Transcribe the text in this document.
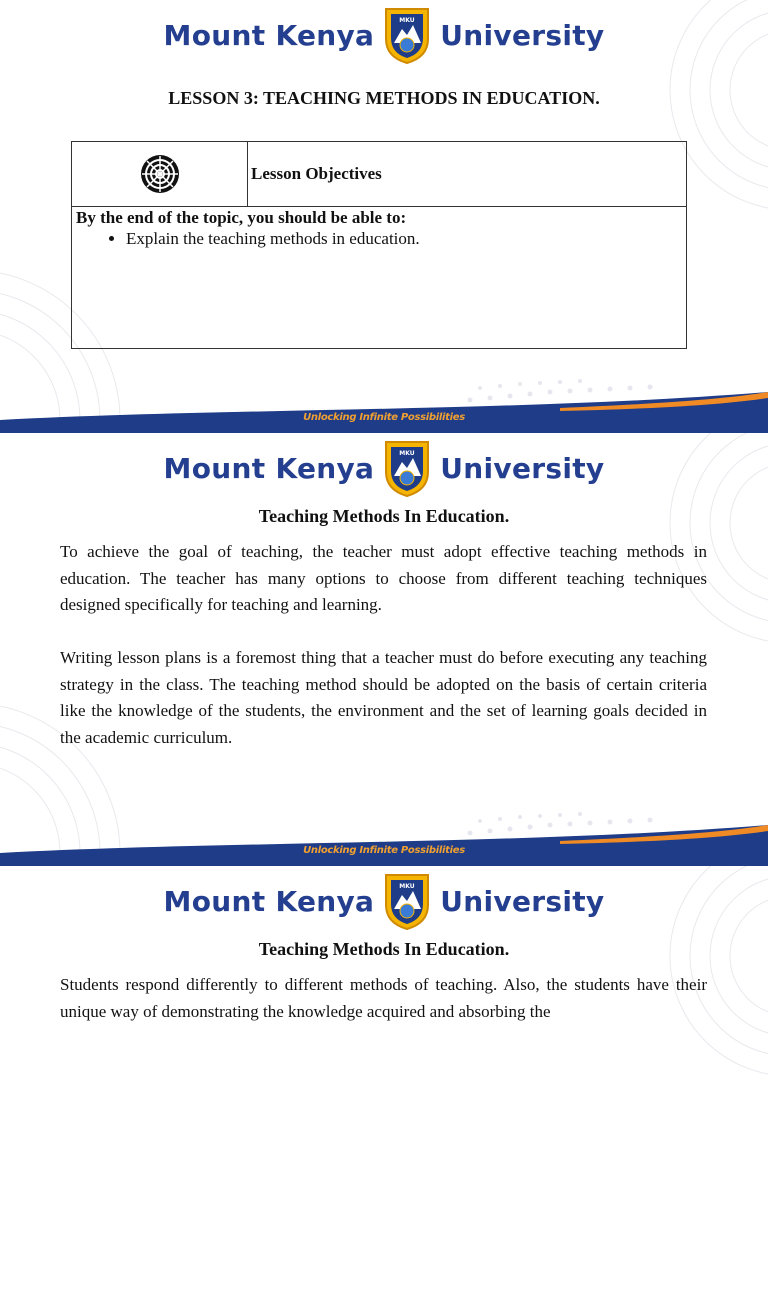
Mount Kenya	MKU University
LESSON 3: TEACHING METHODS IN EDUCATION.
Lesson Objectives

By the end of the topic, you should be able to:

• Explain the teaching methods in education.
Unlocking Infinite Possibilities
Mount Kenya	MKU University
Teaching Methods In Education.

To achieve the goal of teaching, the teacher must adopt effective teaching methods in education. The teacher has many options to choose from different teaching techniques designed specifically for teaching and learning.

Writing lesson plans is a foremost thing that a teacher must do before executing any teaching strategy in the class. The teaching method should be adopted on the basis of certain criteria like the knowledge of the students, the environment and the set of learning goals decided in the academic curriculum.

Unlocking Infinite Possibilities
Mount Kenya	MKU University
Teaching Methods In Education.

Students respond differently to different methods of teaching. Also, the students have their unique way of demonstrating the knowledge acquired and absorbing the
